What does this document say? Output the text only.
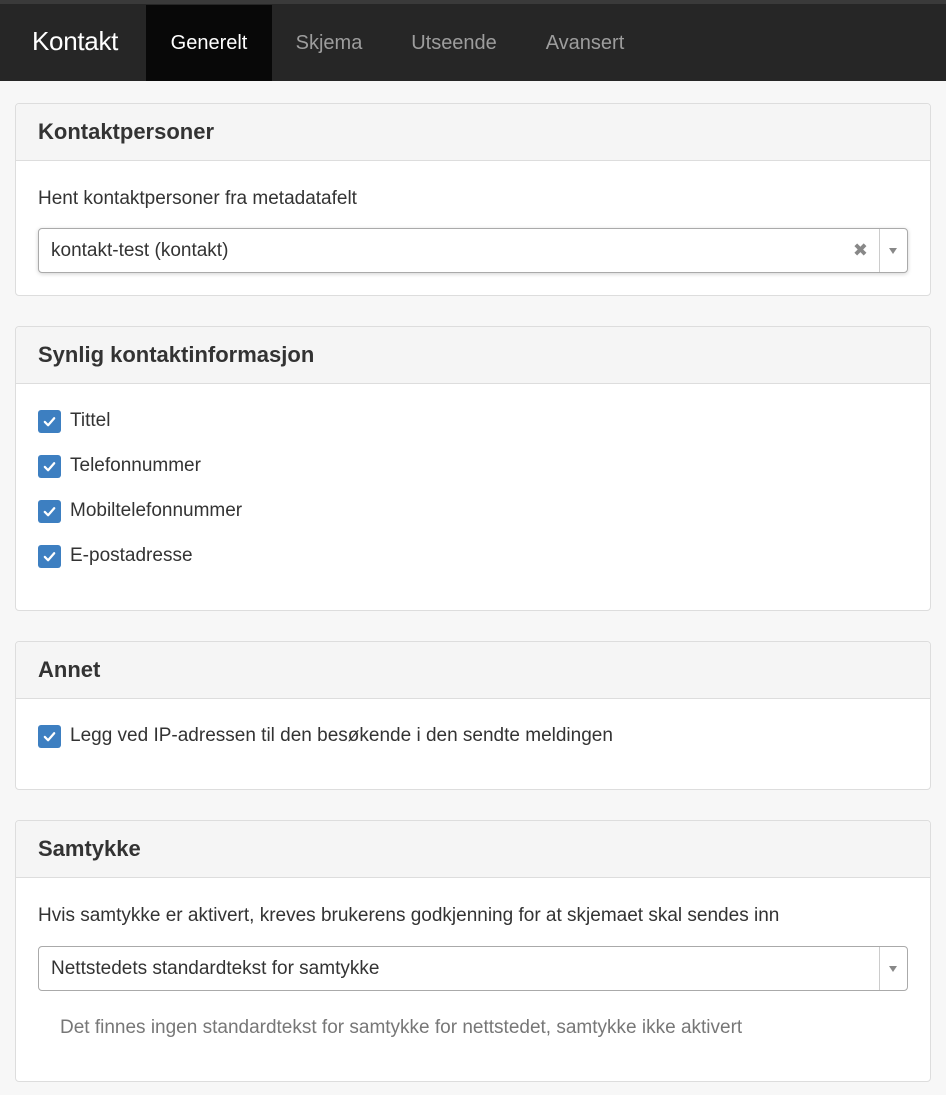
Kontakt	Generelt	Skjema	Utseende	Avansert
Kontaktpersoner
Hent kontaktpersoner fra metadatafelt
kontakt-test (kontakt)	✖
Synlig kontaktinformasjon
Tittel
Telefonnummer
Mobiltelefonnummer
E-postadresse
Annet
Legg ved IP-adressen til den besøkende i den sendte meldingen
Samtykke
Hvis samtykke er aktivert, kreves brukerens godkjenning for at skjemaet skal sendes inn
Nettstedets standardtekst for samtykke
Det finnes ingen standardtekst for samtykke for nettstedet, samtykke ikke aktivert
